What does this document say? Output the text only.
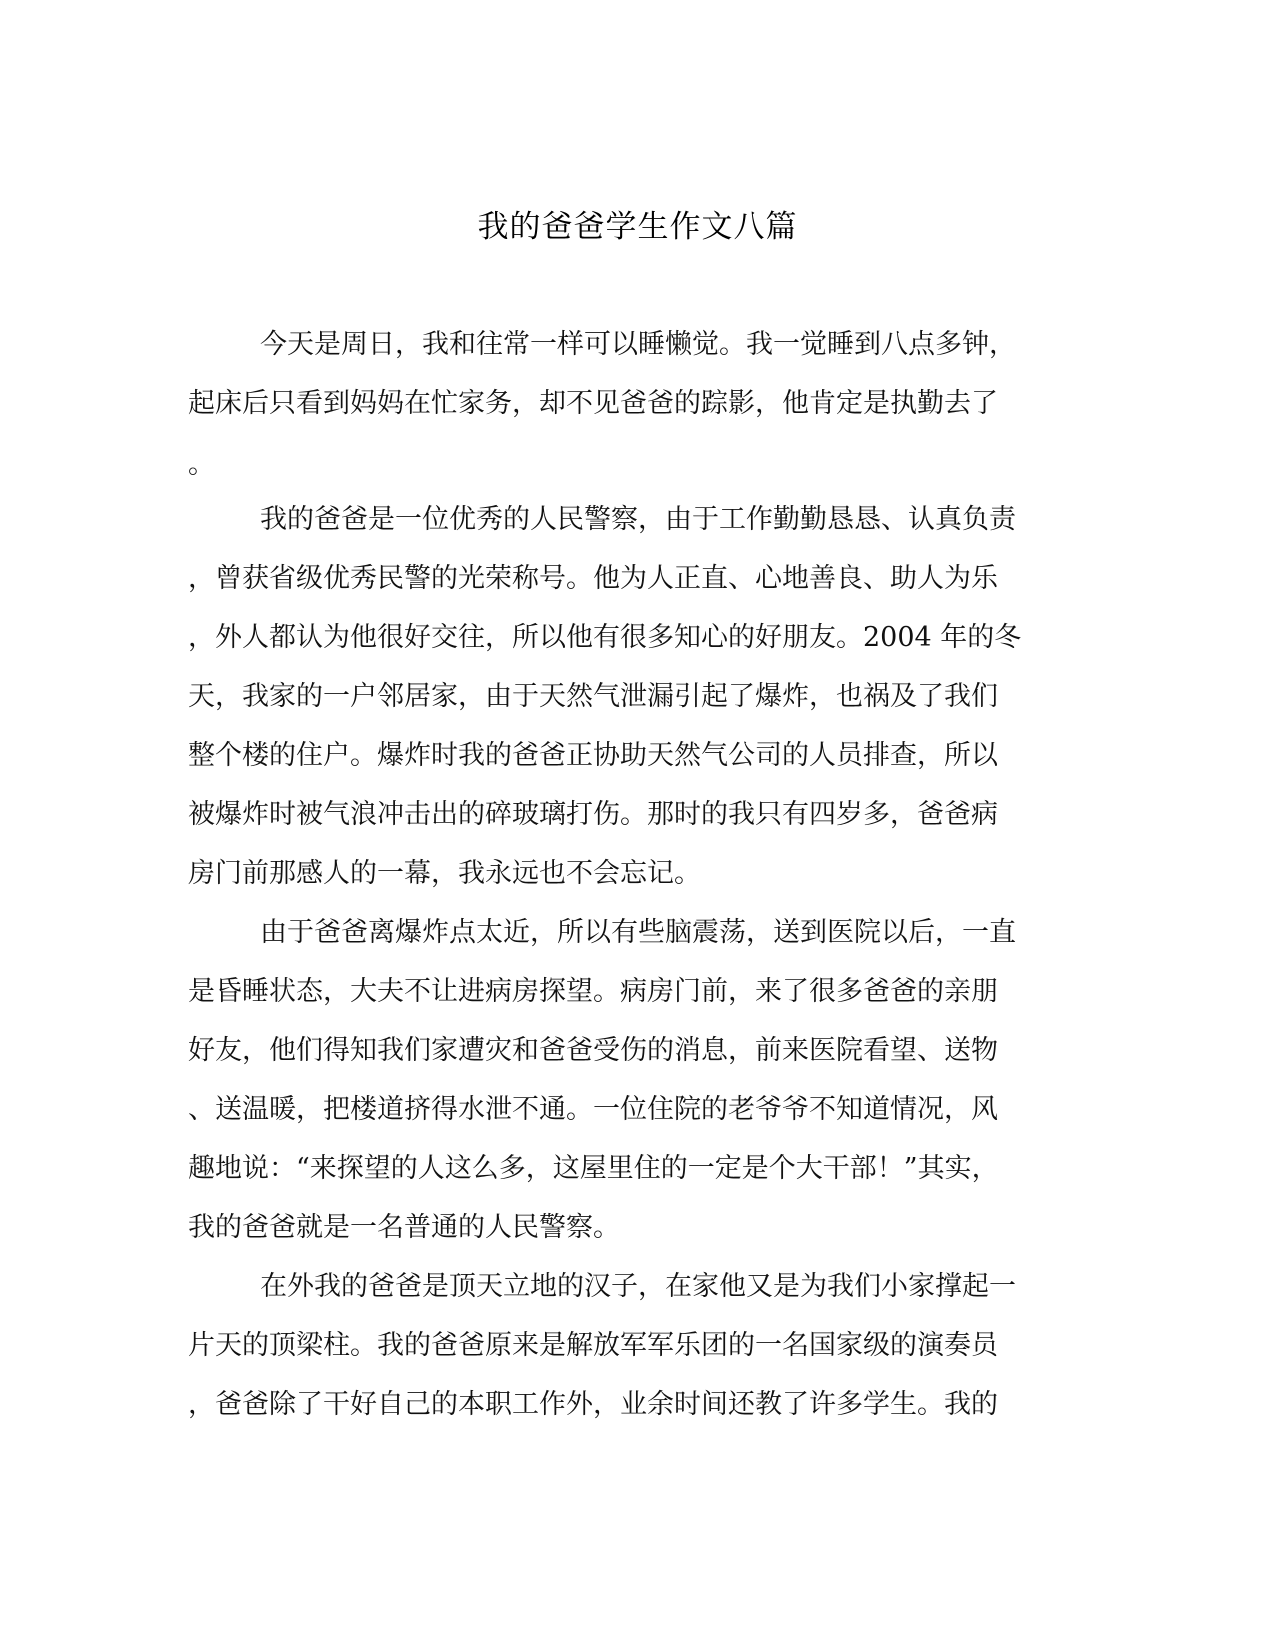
我的爸爸学生作文八篇
今天是周日，我和往常一样可以睡懒觉。我一觉睡到八点多钟，
起床后只看到妈妈在忙家务，却不见爸爸的踪影，他肯定是执勤去了
。
我的爸爸是一位优秀的人民警察，由于工作勤勤恳恳、认真负责
，曾获省级优秀民警的光荣称号。他为人正直、心地善良、助人为乐
，外人都认为他很好交往，所以他有很多知心的好朋友。2004 年的冬
天，我家的一户邻居家，由于天然气泄漏引起了爆炸，也祸及了我们
整个楼的住户。爆炸时我的爸爸正协助天然气公司的人员排查，所以
被爆炸时被气浪冲击出的碎玻璃打伤。那时的我只有四岁多，爸爸病
房门前那感人的一幕，我永远也不会忘记。
由于爸爸离爆炸点太近，所以有些脑震荡，送到医院以后，一直
是昏睡状态，大夫不让进病房探望。病房门前，来了很多爸爸的亲朋
好友，他们得知我们家遭灾和爸爸受伤的消息，前来医院看望、送物
、送温暖，把楼道挤得水泄不通。一位住院的老爷爷不知道情况，风
趣地说：“来探望的人这么多，这屋里住的一定是个大干部！”其实，
我的爸爸就是一名普通的人民警察。
在外我的爸爸是顶天立地的汉子，在家他又是为我们小家撑起一
片天的顶梁柱。我的爸爸原来是解放军军乐团的一名国家级的演奏员
，爸爸除了干好自己的本职工作外，业余时间还教了许多学生。我的
